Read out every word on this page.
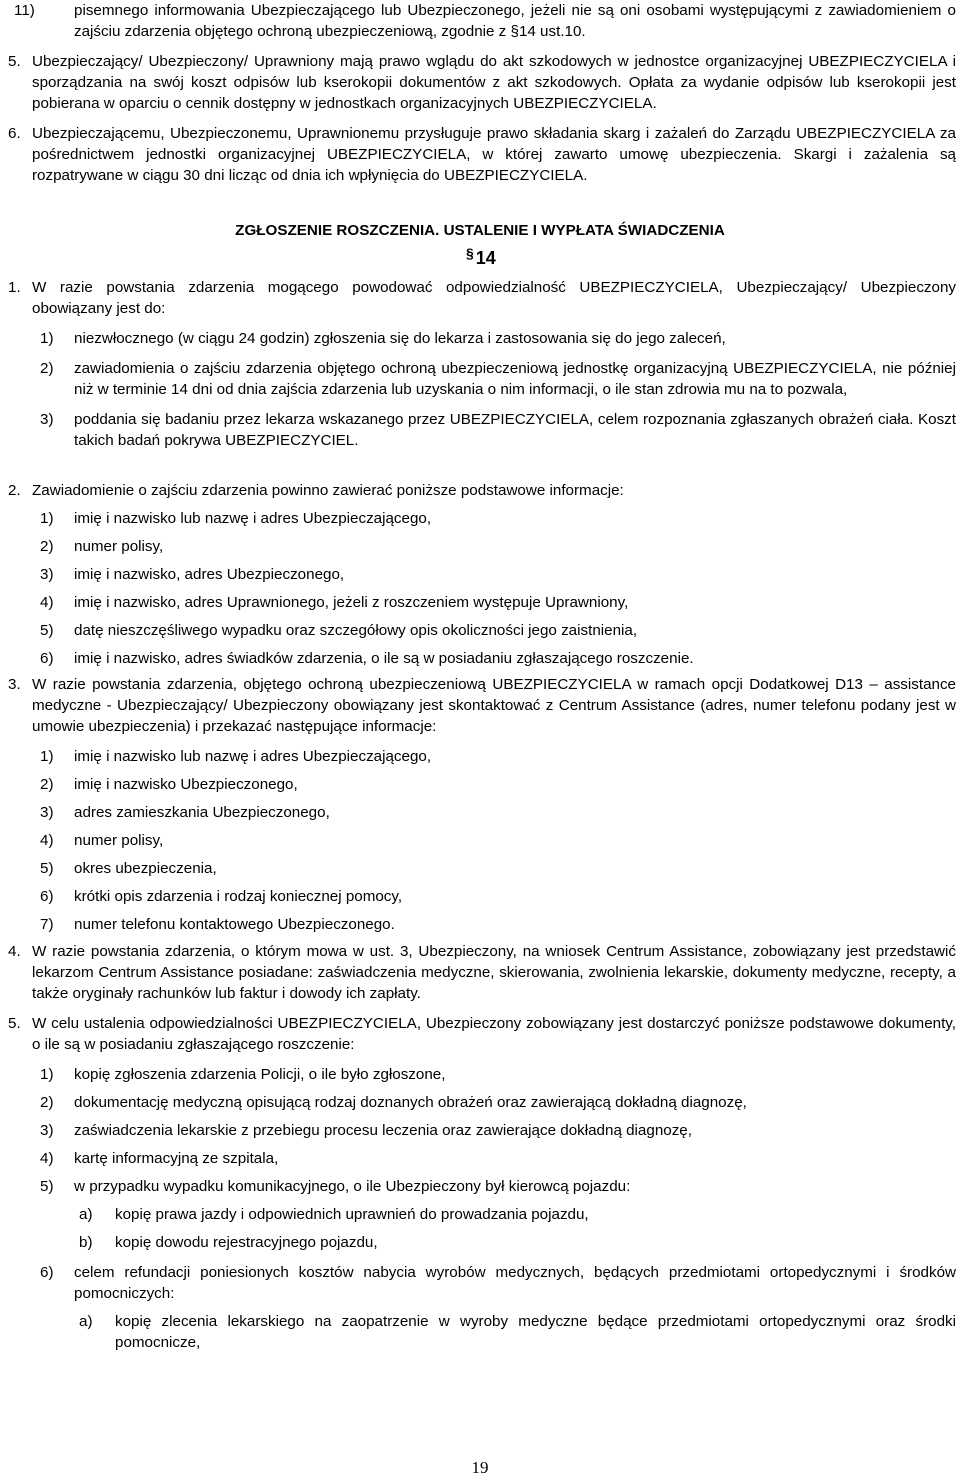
11)	pisemnego informowania Ubezpieczającego lub Ubezpieczonego, jeżeli nie są oni osobami występującymi z zawiadomieniem o zajściu zdarzenia objętego ochroną ubezpieczeniową, zgodnie z §14 ust.10.
5. Ubezpieczający/ Ubezpieczony/ Uprawniony mają prawo wglądu do akt szkodowych w jednostce organizacyjnej UBEZPIECZYCIELA i sporządzania na swój koszt odpisów lub kserokopii dokumentów z akt szkodowych. Opłata za wydanie odpisów lub kserokopii jest pobierana w oparciu o cennik dostępny w jednostkach organizacyjnych UBEZPIECZYCIELA.
6. Ubezpieczającemu, Ubezpieczonemu, Uprawnionemu przysługuje prawo składania skarg i zażaleń do Zarządu UBEZPIECZYCIELA za pośrednictwem jednostki organizacyjnej UBEZPIECZYCIELA, w której zawarto umowę ubezpieczenia. Skargi i zażalenia są rozpatrywane w ciągu 30 dni licząc od dnia ich wpłynięcia do UBEZPIECZYCIELA.
ZGŁOSZENIE ROSZCZENIA. USTALENIE I WYPŁATA ŚWIADCZENIA
§ 14
1. W razie powstania zdarzenia mogącego powodować odpowiedzialność UBEZPIECZYCIELA, Ubezpieczający/ Ubezpieczony obowiązany jest do:
1) niezwłocznego (w ciągu 24 godzin) zgłoszenia się do lekarza i zastosowania się do jego zaleceń,
2) zawiadomienia o zajściu zdarzenia objętego ochroną ubezpieczeniową jednostkę organizacyjną UBEZPIECZYCIELA, nie później niż w terminie 14 dni od dnia zajścia zdarzenia lub uzyskania o nim informacji, o ile stan zdrowia mu na to pozwala,
3) poddania się badaniu przez lekarza wskazanego przez UBEZPIECZYCIELA, celem rozpoznania zgłaszanych obrażeń ciała. Koszt takich badań pokrywa UBEZPIECZYCIEL.
2. Zawiadomienie o zajściu zdarzenia powinno zawierać poniższe podstawowe informacje:
1) imię i nazwisko lub nazwę i adres Ubezpieczającego,
2) numer polisy,
3) imię i nazwisko, adres Ubezpieczonego,
4) imię i nazwisko, adres Uprawnionego, jeżeli z roszczeniem występuje Uprawniony,
5) datę nieszczęśliwego wypadku oraz szczegółowy opis okoliczności jego zaistnienia,
6) imię i nazwisko, adres świadków zdarzenia, o ile są w posiadaniu zgłaszającego roszczenie.
3. W razie powstania zdarzenia, objętego ochroną ubezpieczeniową UBEZPIECZYCIELA w ramach opcji Dodatkowej D13 – assistance medyczne - Ubezpieczający/ Ubezpieczony obowiązany jest skontaktować z Centrum Assistance (adres, numer telefonu podany jest w umowie ubezpieczenia) i przekazać następujące informacje:
1) imię i nazwisko lub nazwę i adres Ubezpieczającego,
2) imię i nazwisko Ubezpieczonego,
3) adres zamieszkania Ubezpieczonego,
4) numer polisy,
5) okres ubezpieczenia,
6) krótki opis zdarzenia i rodzaj koniecznej pomocy,
7) numer telefonu kontaktowego Ubezpieczonego.
4. W razie powstania zdarzenia, o którym mowa w ust. 3, Ubezpieczony, na wniosek Centrum Assistance, zobowiązany jest przedstawić lekarzom Centrum Assistance posiadane: zaświadczenia medyczne, skierowania, zwolnienia lekarskie, dokumenty medyczne, recepty, a także oryginały rachunków lub faktur i dowody ich zapłaty.
5. W celu ustalenia odpowiedzialności UBEZPIECZYCIELA, Ubezpieczony zobowiązany jest dostarczyć poniższe podstawowe dokumenty, o ile są w posiadaniu zgłaszającego roszczenie:
1) kopię zgłoszenia zdarzenia Policji, o ile było zgłoszone,
2) dokumentację medyczną opisującą rodzaj doznanych obrażeń oraz zawierającą dokładną diagnozę,
3) zaświadczenia lekarskie z przebiegu procesu leczenia oraz zawierające dokładną diagnozę,
4) kartę informacyjną ze szpitala,
5) w przypadku wypadku komunikacyjnego, o ile Ubezpieczony był kierowcą pojazdu:
a) kopię prawa jazdy i odpowiednich uprawnień do prowadzania pojazdu,
b) kopię dowodu rejestracyjnego pojazdu,
6) celem refundacji poniesionych kosztów nabycia wyrobów medycznych, będących przedmiotami ortopedycznymi i środków pomocniczych:
a) kopię zlecenia lekarskiego na zaopatrzenie w wyroby medyczne będące przedmiotami ortopedycznymi oraz środki pomocnicze,
19
